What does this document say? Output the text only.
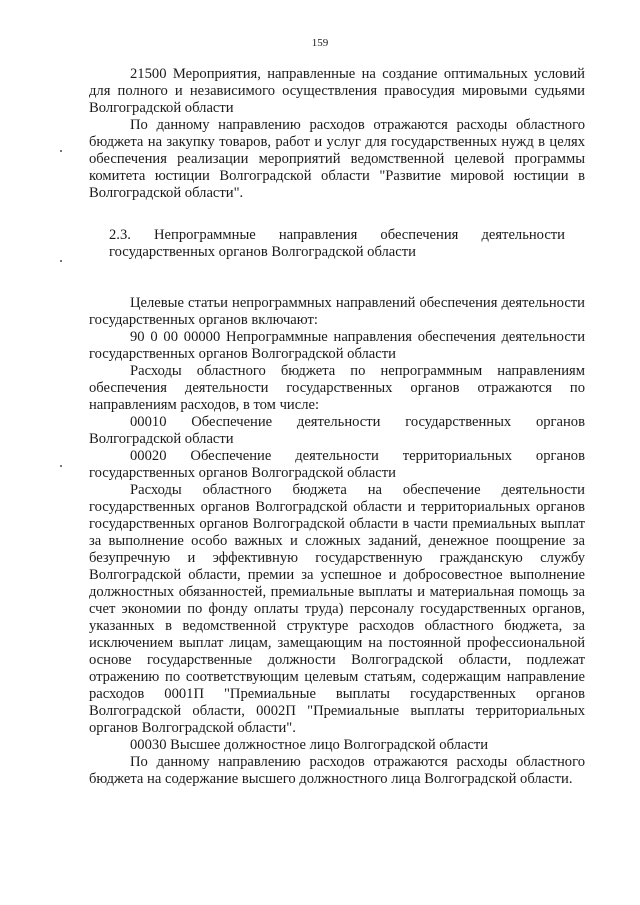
159

21500 Мероприятия, направленные на создание оптимальных условий для полного и независимого осуществления правосудия мировыми судьями Волгоградской области

По данному направлению расходов отражаются расходы областного бюджета на закупку товаров, работ и услуг для государственных нужд в целях обеспечения реализации мероприятий ведомственной целевой программы комитета юстиции Волгоградской области "Развитие мировой юстиции в Волгоградской области".

2.3. Непрограммные направления обеспечения деятельности государственных органов Волгоградской области

Целевые статьи непрограммных направлений обеспечения деятельности государственных органов включают:

90 0 00 00000 Непрограммные направления обеспечения деятельности государственных органов Волгоградской области

Расходы областного бюджета по непрограммным направлениям обеспечения деятельности государственных органов отражаются по направлениям расходов, в том числе:

00010 Обеспечение деятельности государственных органов Волгоградской области

00020 Обеспечение деятельности территориальных органов государственных органов Волгоградской области

Расходы областного бюджета на обеспечение деятельности государственных органов Волгоградской области и территориальных органов государственных органов Волгоградской области в части премиальных выплат за выполнение особо важных и сложных заданий, денежное поощрение за безупречную и эффективную государственную гражданскую службу Волгоградской области, премии за успешное и добросовестное выполнение должностных обязанностей, премиальные выплаты и материальная помощь за счет экономии по фонду оплаты труда) персоналу государственных органов, указанных в ведомственной структуре расходов областного бюджета, за исключением выплат лицам, замещающим на постоянной профессиональной основе государственные должности Волгоградской области, подлежат отражению по соответствующим целевым статьям, содержащим направление расходов 0001П "Премиальные выплаты государственных органов Волгоградской области, 0002П "Премиальные выплаты территориальных органов Волгоградской области".

00030 Высшее должностное лицо Волгоградской области

По данному направлению расходов отражаются расходы областного бюджета на содержание высшего должностного лица Волгоградской области.
